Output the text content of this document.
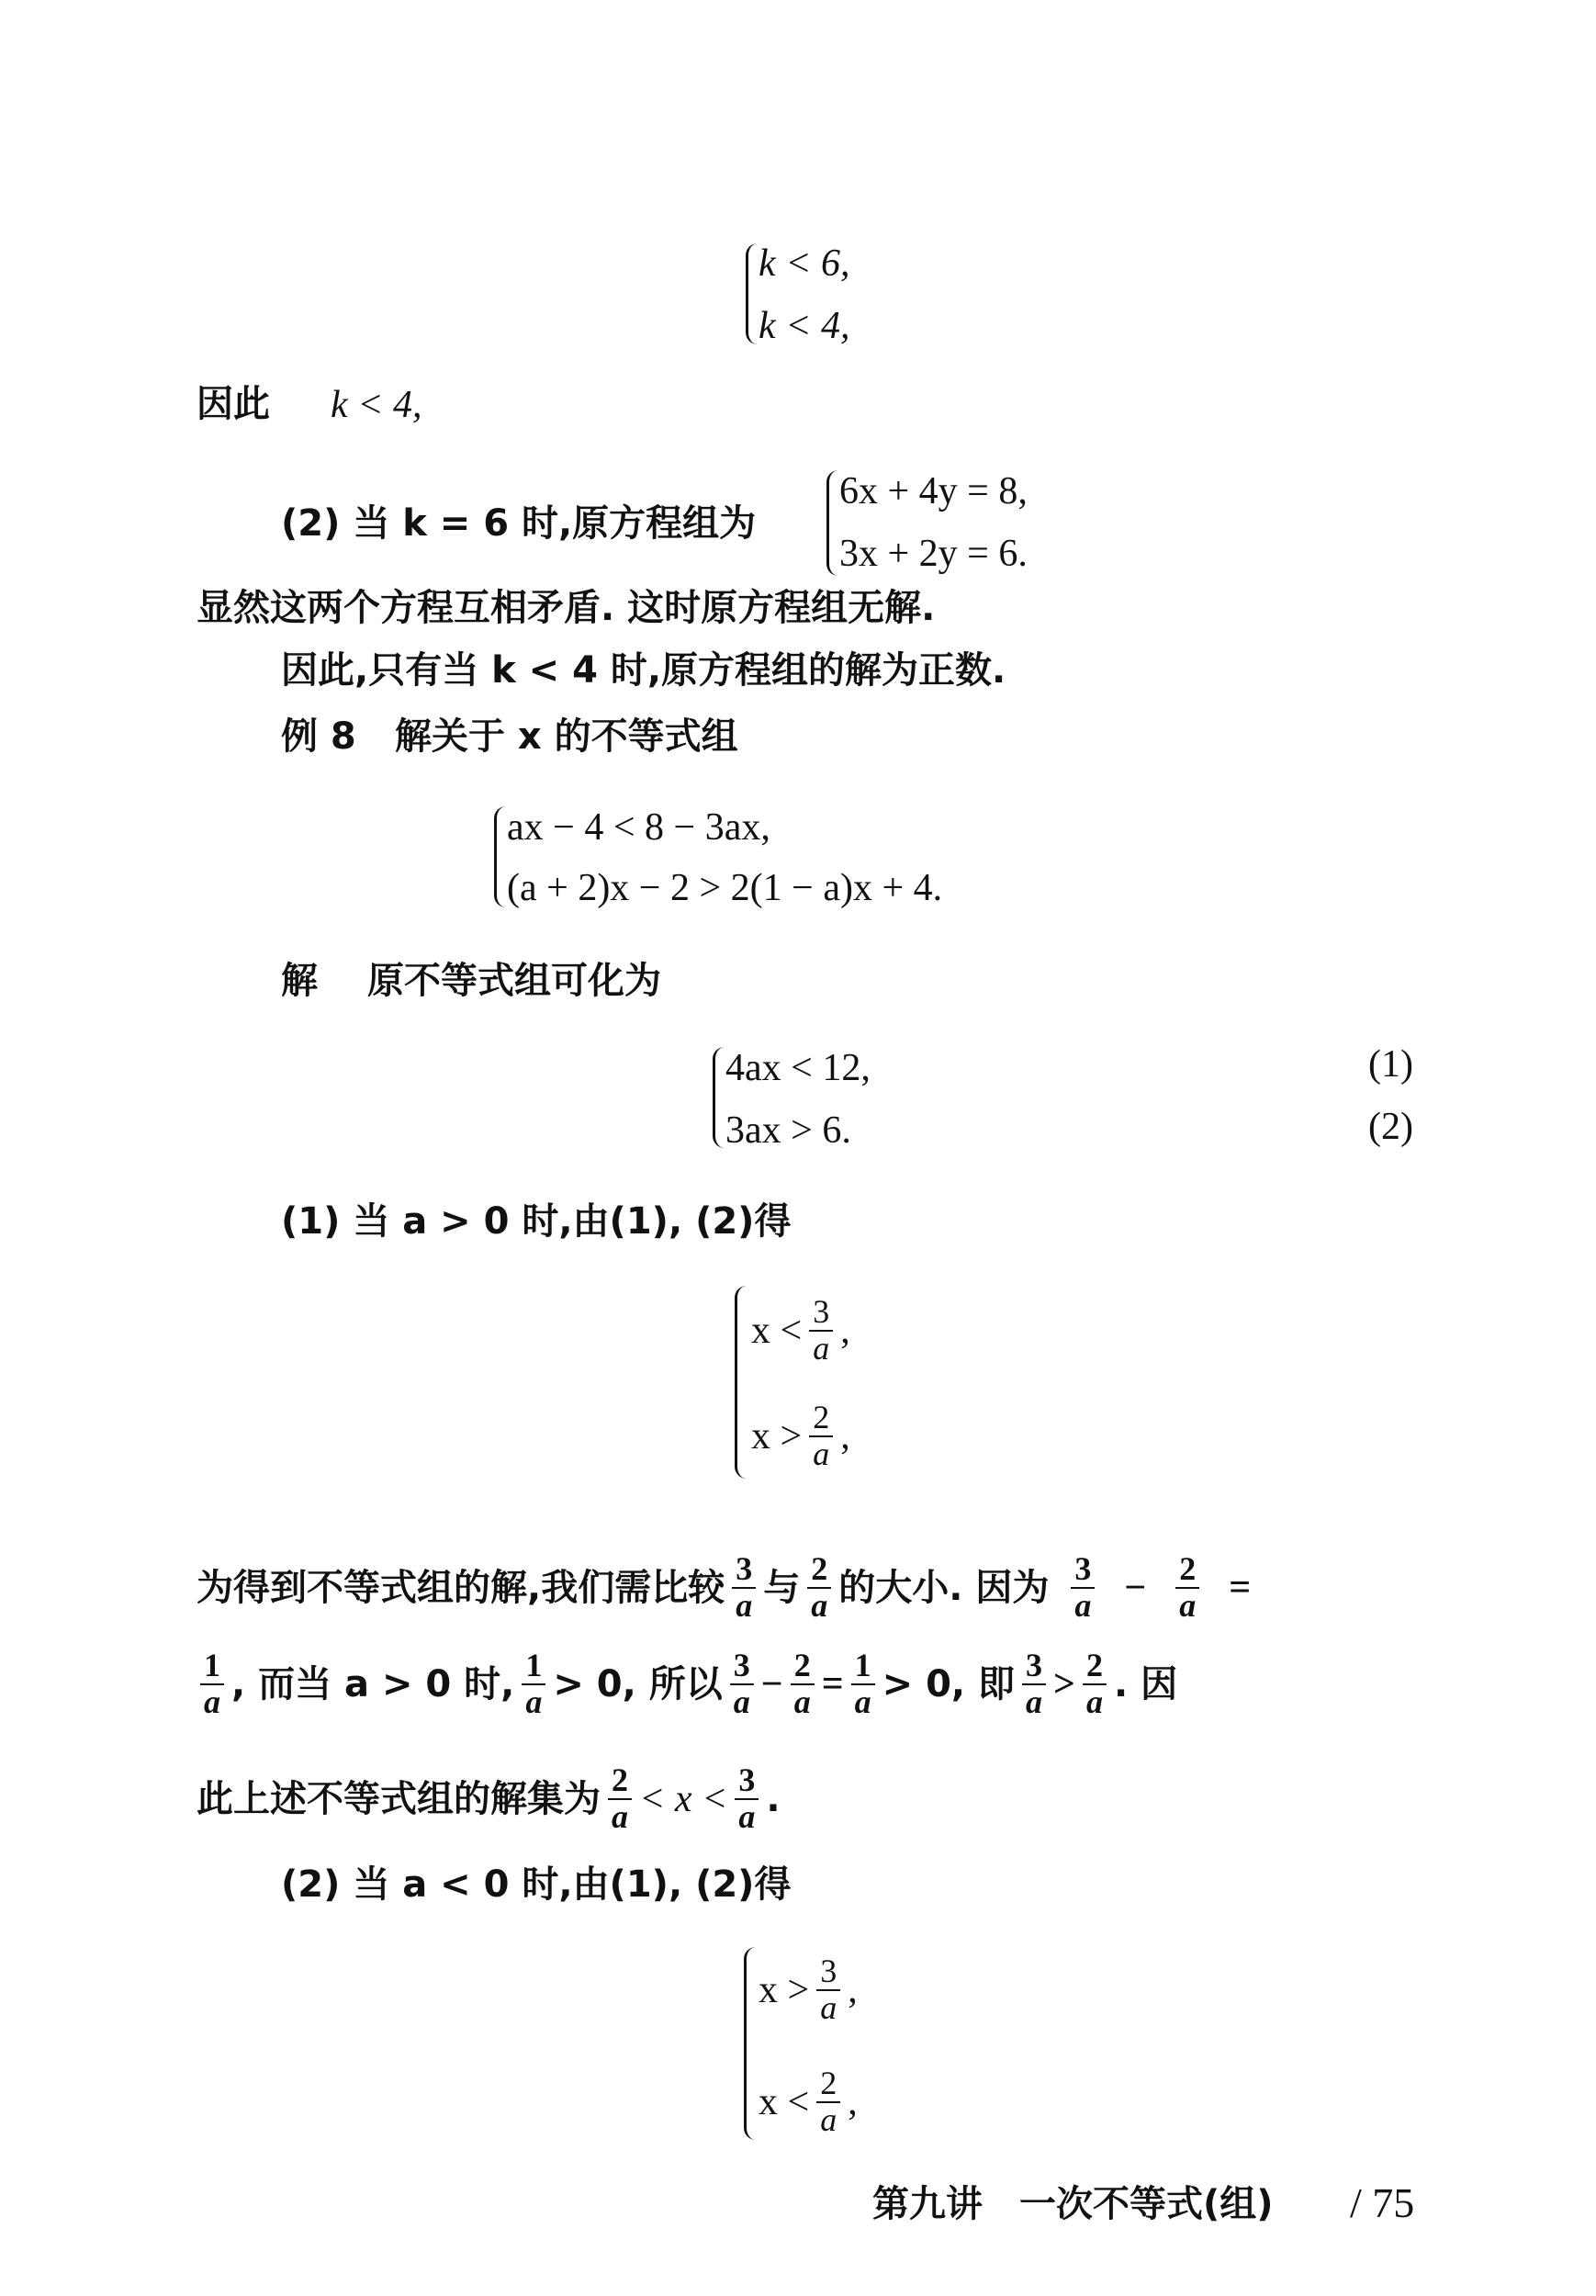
k < 6,
k < 4,
因此 k < 4,
(2) 当 k = 6 时,原方程组为
6x + 4y = 8,
3x + 2y = 6.
显然这两个方程互相矛盾. 这时原方程组无解.
因此,只有当 k < 4 时,原方程组的解为正数.
例 8 解关于 x 的不等式组
ax − 4 < 8 − 3ax,
(a + 2)x − 2 > 2(1 − a)x + 4.
解 原不等式组可化为
4ax < 12,
3ax > 6.
(1)
(2)
(1) 当 a > 0 时,由(1), (2)得
$x < \frac{3}{a}$ ,
$x > \frac{2}{a}$ ,
为得到不等式组的解,我们需比较 $\frac{3}{a}$ 与 $\frac{2}{a}$ 的大小. 因为 $\frac{3}{a} - \frac{2}{a}$ =
$\frac{1}{a}$ , 而当 a > 0 时, $\frac{1}{a} > 0$, 所以 $\frac{3}{a} - \frac{2}{a} = \frac{1}{a} > 0$, 即 $\frac{3}{a} > \frac{2}{a}$ . 因
此上述不等式组的解集为 $\frac{2}{a} < x < \frac{3}{a}$ .
(2) 当 a < 0 时,由(1), (2)得
$x > \frac{3}{a}$ ,
$x < \frac{2}{a}$ ,
第九讲　一次不等式(组) / 75
